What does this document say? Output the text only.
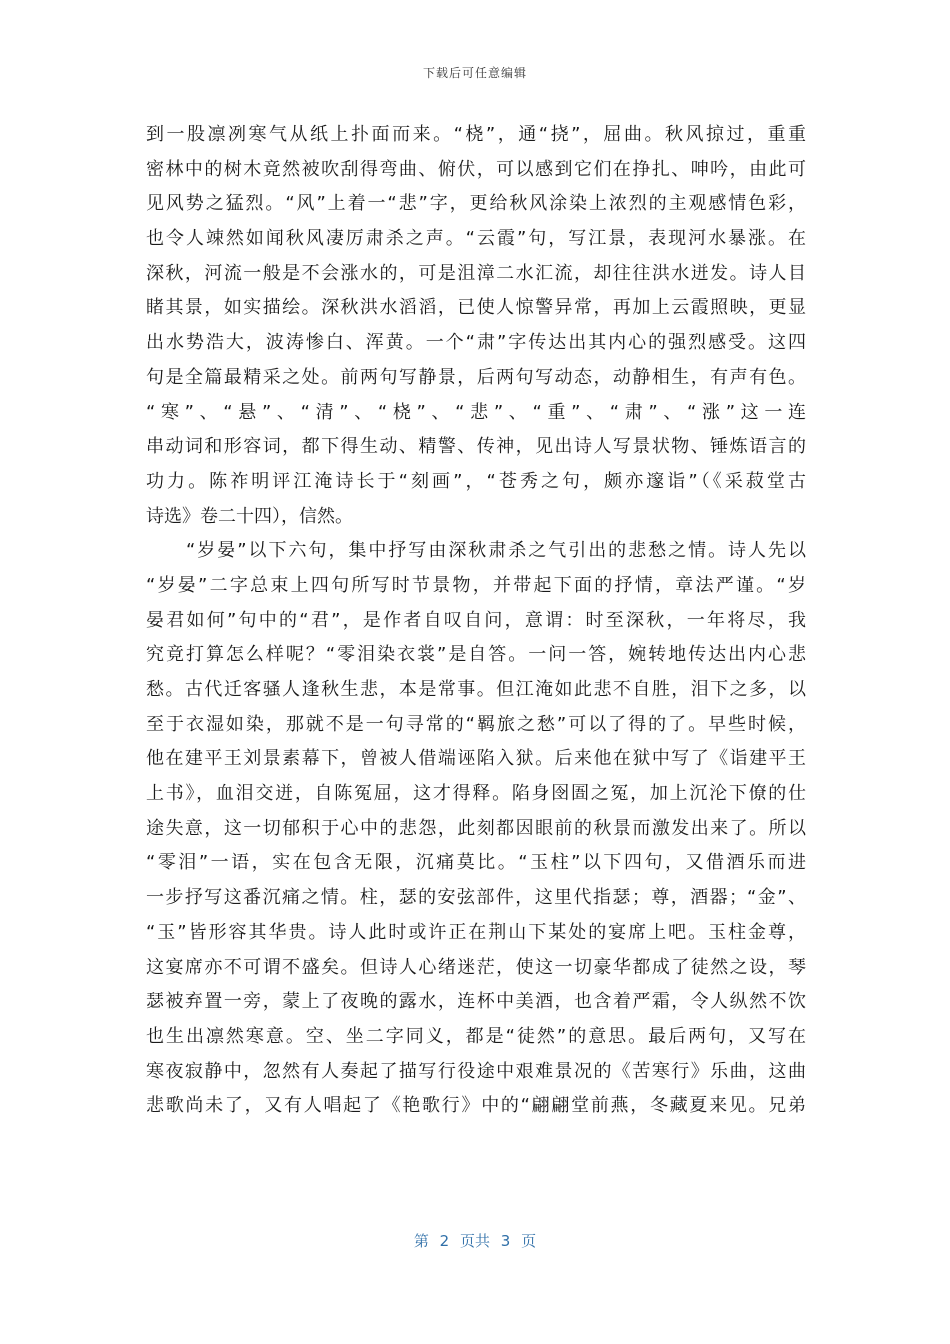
下载后可任意编辑
到一股凛冽寒气从纸上扑面而来。“桡”，通“挠”，屈曲。秋风掠过，重重
密林中的树木竟然被吹刮得弯曲、俯伏，可以感到它们在挣扎、呻吟，由此可
见风势之猛烈。“风”上着一“悲”字，更给秋风涂染上浓烈的主观感情色彩，
也令人竦然如闻秋风凄厉肃杀之声。“云霞”句，写江景，表现河水暴涨。在
深秋，河流一般是不会涨水的，可是沮漳二水汇流，却往往洪水迸发。诗人目
睹其景，如实描绘。深秋洪水滔滔，已使人惊警异常，再加上云霞照映，更显
出水势浩大，波涛惨白、浑黄。一个“肃”字传达出其内心的强烈感受。这四
句是全篇最精采之处。前两句写静景，后两句写动态，动静相生，有声有色。
“寒”、“悬”、“清”、“桡”、“悲”、“重”、“肃”、“涨”这一连
串动词和形容词，都下得生动、精警、传神，见出诗人写景状物、锤炼语言的
功力。陈祚明评江淹诗长于“刻画”，“苍秀之句，颇亦邃诣”（《采菽堂古
诗选》卷二十四），信然。
　　“岁晏”以下六句，集中抒写由深秋肃杀之气引出的悲愁之情。诗人先以
“岁晏”二字总束上四句所写时节景物，并带起下面的抒情，章法严谨。“岁
晏君如何”句中的“君”，是作者自叹自问，意谓：时至深秋，一年将尽，我
究竟打算怎么样呢？“零泪染衣裳”是自答。一问一答，婉转地传达出内心悲
愁。古代迁客骚人逢秋生悲，本是常事。但江淹如此悲不自胜，泪下之多，以
至于衣湿如染，那就不是一句寻常的“羁旅之愁”可以了得的了。早些时候，
他在建平王刘景素幕下，曾被人借端诬陷入狱。后来他在狱中写了《诣建平王
上书》，血泪交迸，自陈冤屈，这才得释。陷身囹圄之冤，加上沉沦下僚的仕
途失意，这一切郁积于心中的悲怨，此刻都因眼前的秋景而激发出来了。所以
“零泪”一语，实在包含无限，沉痛莫比。“玉柱”以下四句，又借酒乐而进
一步抒写这番沉痛之情。柱，瑟的安弦部件，这里代指瑟；尊，酒器；“金”、
“玉”皆形容其华贵。诗人此时或许正在荆山下某处的宴席上吧。玉柱金尊，
这宴席亦不可谓不盛矣。但诗人心绪迷茫，使这一切豪华都成了徒然之设，琴
瑟被弃置一旁，蒙上了夜晚的露水，连杯中美酒，也含着严霜，令人纵然不饮
也生出凛然寒意。空、坐二字同义，都是“徒然”的意思。最后两句，又写在
寒夜寂静中，忽然有人奏起了描写行役途中艰难景况的《苦寒行》乐曲，这曲
悲歌尚未了，又有人唱起了《艳歌行》中的“翩翩堂前燕，冬藏夏来见。兄弟
第 2 页共 3 页
